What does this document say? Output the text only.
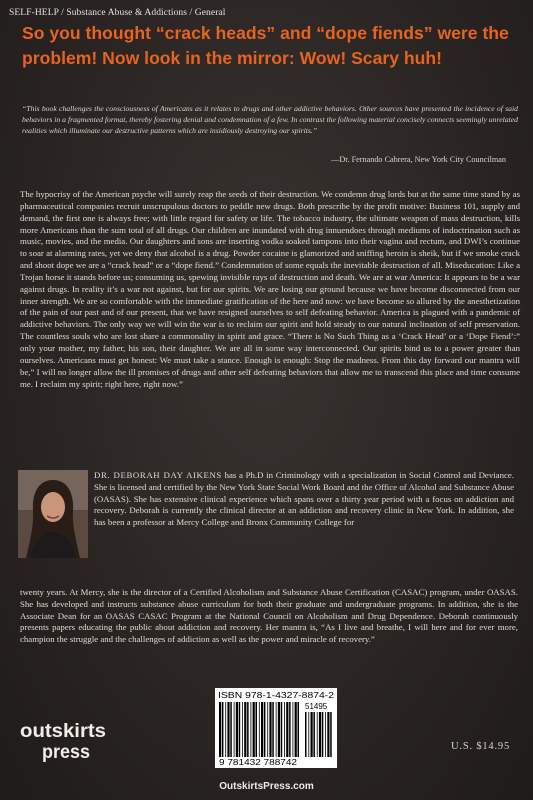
SELF-HELP / Substance Abuse & Addictions / General
So you thought “crack heads” and “dope fiends” were the problem! Now look in the mirror: Wow! Scary huh!

“This book challenges the consciousness of Americans as it relates to drugs and other addictive behaviors. Other sources have presented the incidence of said behaviors in a fragmented format, thereby fostering denial and condemnation of a few. In contrast the following material concisely connects seemingly unrelated realities which illuminate our destructive patterns which are insidiously destroying our spirits.”

—Dr. Fernando Cabrera, New York City Councilman

The hypocrisy of the American psyche will surely reap the seeds of their destruction. We condemn drug lords but at the same time stand by as pharmaceutical companies recruit unscrupulous doctors to peddle new drugs. Both prescribe by the profit motive: Business 101, supply and demand, the first one is always free; with little regard for safety or life. The tobacco industry, the ultimate weapon of mass destruction, kills more Americans than the sum total of all drugs. Our children are inundated with drug innuendoes through mediums of indoctrination such as music, movies, and the media. Our daughters and sons are inserting vodka soaked tampons into their vagina and rectum, and DWI’s continue to soar at alarming rates, yet we deny that alcohol is a drug. Powder cocaine is glamorized and sniffing heroin is sheik, but if we smoke crack and shoot dope we are a “crack head” or a “dope fiend.” Condemnation of some equals the inevitable destruction of all. Miseducation: Like a Trojan horse it stands before us; consuming us, spewing invisible rays of destruction and death. We are at war America: It appears to be a war against drugs. In reality it’s a war not against, but for our spirits. We are losing our ground because we have become disconnected from our inner strength. We are so comfortable with the immediate gratification of the here and now: we have become so allured by the anesthetization of the pain of our past and of our present, that we have resigned ourselves to self defeating behavior. America is plagued with a pandemic of addictive behaviors. The only way we will win the war is to reclaim our spirit and hold steady to our natural inclination of self preservation. The countless souls who are lost share a commonality in spirit and grace. “There is No Such Thing as a ‘Crack Head’ or a ‘Dope Fiend’:” only your mother, my father, his son, their daughter. We are all in some way interconnected. Our spirits bind us to a power greater than ourselves. Americans must get honest: We must take a stance. Enough is enough: Stop the madness. From this day forward our mantra will be,” I will no longer allow the ill promises of drugs and other self defeating behaviors that allow me to transcend this place and time consume me. I reclaim my spirit; right here, right now.”

DR. DEBORAH DAY AIKENS has a Ph.D in Criminology with a specialization in Social Control and Deviance. She is licensed and certified by the New York State Social Work Board and the Office of Alcohol and Substance Abuse (OASAS). She has extensive clinical experience which spans over a thirty year period with a focus on addiction and recovery. Deborah is currently the clinical director at an addiction and recovery clinic in New York. In addition, she has been a professor at Mercy College and Bronx Community College for

twenty years. At Mercy, she is the director of a Certified Alcoholism and Substance Abuse Certification (CASAC) program, under OASAS. She has developed and instructs substance abuse curriculum for both their graduate and undergraduate programs. In addition, she is the Associate Dean for an OASAS CASAC Program at the National Council on Alcoholism and Drug Dependence. Deborah continuously presents papers educating the public about addiction and recovery. Her mantra is, “As I live and breathe, I will here and for ever more, champion the struggle and the challenges of addiction as well as the power and miracle of recovery.”

outskirts
press
ISBN 978-1-4327-8874-2
51495
9 781432 788742
U.S. $14.95
OutskirtsPress.com
